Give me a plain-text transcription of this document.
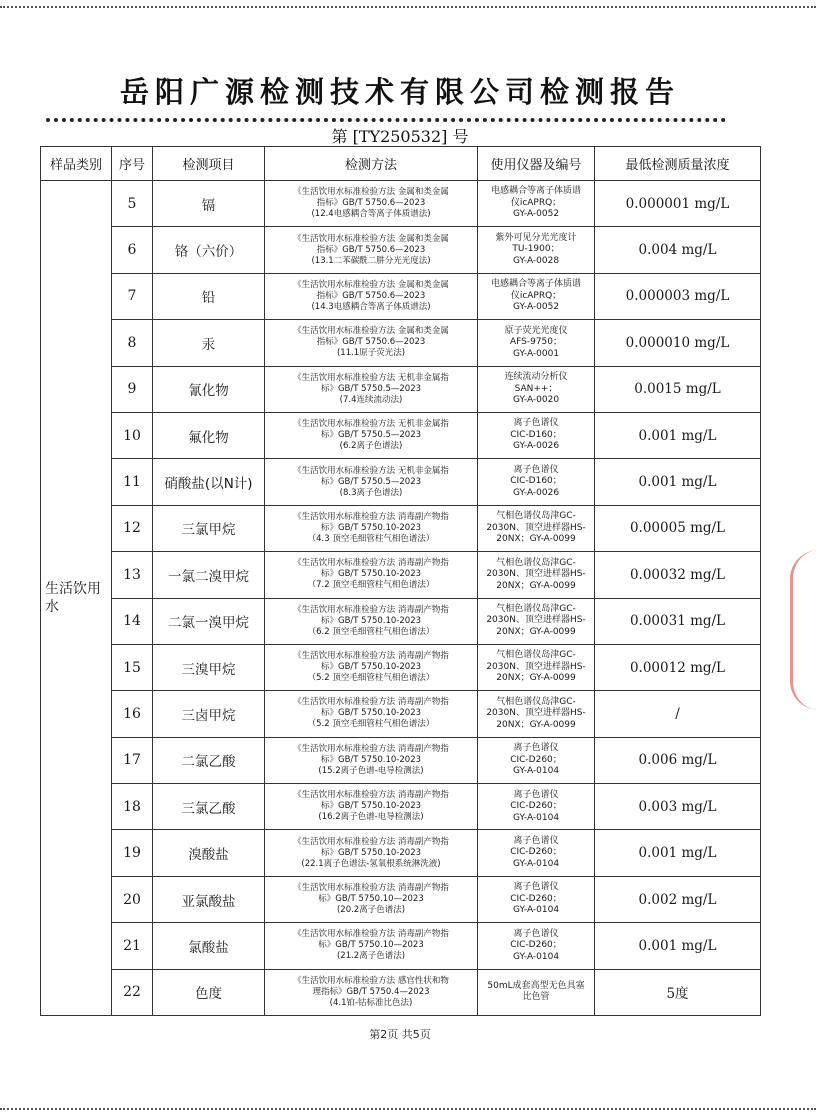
岳阳广源检测技术有限公司检测报告
第 [TY250532] 号
样品类别	序号	检测项目	检测方法	使用仪器及编号	最低检测质量浓度
生活饮用水	5	镉	《生活饮用水标准检验方法 金属和类金属
指标》GB/T 5750.6—2023
(12.4电感耦合等离子体质谱法)	电感耦合等离子体质谱
仪icAPRQ；
GY-A-0052	0.000001 mg/L
	6	铬（六价）	《生活饮用水标准检验方法 金属和类金属
指标》GB/T 5750.6—2023
(13.1二苯碳酰二肼分光光度法)	紫外可见分光光度计
TU-1900；
GY-A-0028	0.004 mg/L
	7	铅	《生活饮用水标准检验方法 金属和类金属
指标》GB/T 5750.6—2023
(14.3电感耦合等离子体质谱法)	电感耦合等离子体质谱
仪icAPRQ；
GY-A-0052	0.000003 mg/L
	8	汞	《生活饮用水标准检验方法 金属和类金属
指标》GB/T 5750.6—2023
(11.1原子荧光法)	原子荧光光度仪
AFS-9750；
GY-A-0001	0.000010 mg/L
	9	氰化物	《生活饮用水标准检验方法 无机非金属指
标》GB/T 5750.5—2023
(7.4连续流动法)	连续流动分析仪
SAN++；
GY-A-0020	0.0015 mg/L
	10	氟化物	《生活饮用水标准检验方法 无机非金属指
标》GB/T 5750.5—2023
(6.2离子色谱法)	离子色谱仪
CIC-D160；
GY-A-0026	0.001 mg/L
	11	硝酸盐(以N计)	《生活饮用水标准检验方法 无机非金属指
标》GB/T 5750.5—2023
(8.3离子色谱法)	离子色谱仪
CIC-D160；
GY-A-0026	0.001 mg/L
	12	三氯甲烷	《生活饮用水标准检验方法 消毒副产物指
标》GB/T 5750.10-2023
（4.3 顶空毛细管柱气相色谱法）	气相色谱仪岛津GC-
2030N、顶空进样器HS-
20NX；GY-A-0099	0.00005 mg/L
	13	一氯二溴甲烷	《生活饮用水标准检验方法 消毒副产物指
标》GB/T 5750.10-2023
（7.2 顶空毛细管柱气相色谱法）	气相色谱仪岛津GC-
2030N、顶空进样器HS-
20NX；GY-A-0099	0.00032 mg/L
	14	二氯一溴甲烷	《生活饮用水标准检验方法 消毒副产物指
标》GB/T 5750.10-2023
（6.2 顶空毛细管柱气相色谱法）	气相色谱仪岛津GC-
2030N、顶空进样器HS-
20NX；GY-A-0099	0.00031 mg/L
	15	三溴甲烷	《生活饮用水标准检验方法 消毒副产物指
标》GB/T 5750.10-2023
（5.2 顶空毛细管柱气相色谱法）	气相色谱仪岛津GC-
2030N、顶空进样器HS-
20NX；GY-A-0099	0.00012 mg/L
	16	三卤甲烷	《生活饮用水标准检验方法 消毒副产物指
标》GB/T 5750.10-2023
（5.2 顶空毛细管柱气相色谱法）	气相色谱仪岛津GC-
2030N、顶空进样器HS-
20NX；GY-A-0099	/
	17	二氯乙酸	《生活饮用水标准检验方法 消毒副产物指
标》GB/T 5750.10-2023
(15.2离子色谱-电导检测法)	离子色谱仪
CIC-D260；
GY-A-0104	0.006 mg/L
	18	三氯乙酸	《生活饮用水标准检验方法 消毒副产物指
标》GB/T 5750.10-2023
(16.2离子色谱-电导检测法)	离子色谱仪
CIC-D260；
GY-A-0104	0.003 mg/L
	19	溴酸盐	《生活饮用水标准检验方法 消毒副产物指
标》GB/T 5750.10-2023
(22.1离子色谱法-氢氧根系统淋洗液)	离子色谱仪
CIC-D260；
GY-A-0104	0.001 mg/L
	20	亚氯酸盐	《生活饮用水标准检验方法 消毒副产物指
标》GB/T 5750.10—2023
(20.2离子色谱法)	离子色谱仪
CIC-D260；
GY-A-0104	0.002 mg/L
	21	氯酸盐	《生活饮用水标准检验方法 消毒副产物指
标》GB/T 5750.10—2023
(21.2离子色谱法)	离子色谱仪
CIC-D260；
GY-A-0104	0.001 mg/L
	22	色度	《生活饮用水标准检验方法 感官性状和物
理指标》GB/T 5750.4—2023
(4.1铂-钴标准比色法)	50mL成套高型无色具塞
比色管	5度
第2页 共5页
